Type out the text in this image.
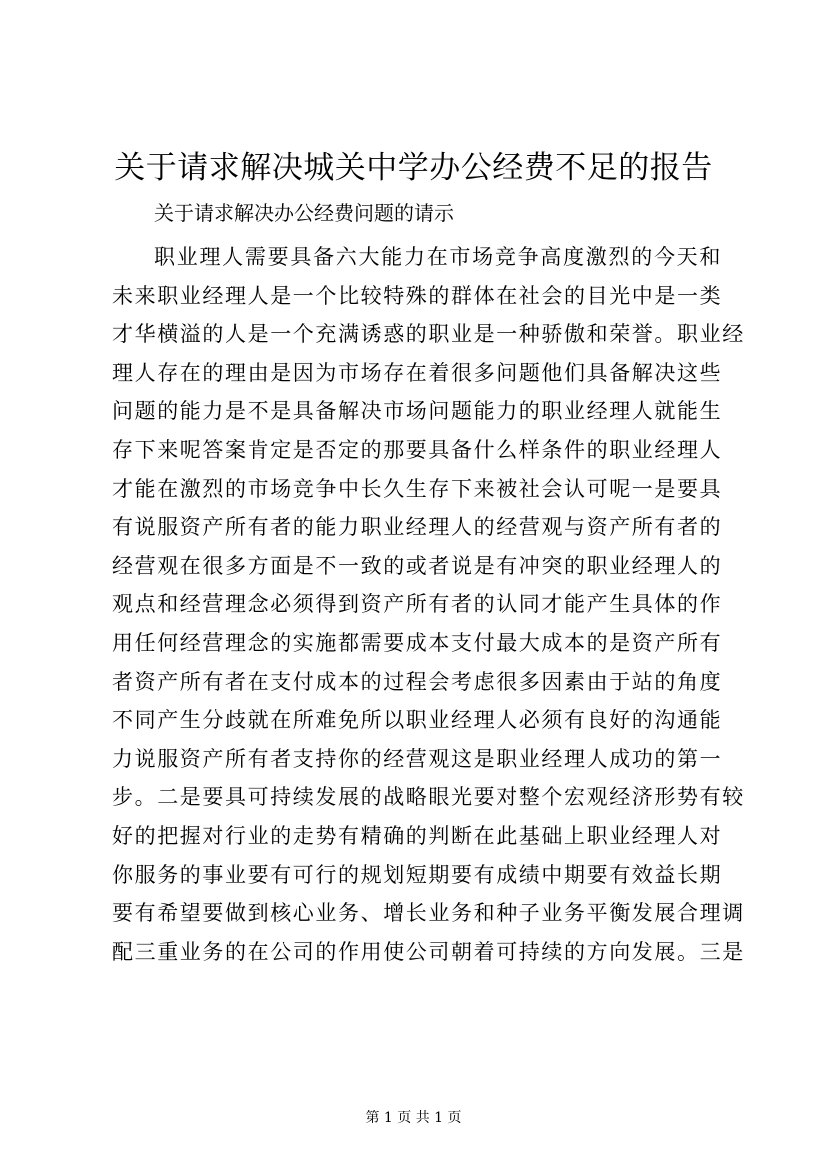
关于请求解决城关中学办公经费不足的报告

关于请求解决办公经费问题的请示

职业理人需要具备六大能力在市场竞争高度激烈的今天和
未来职业经理人是一个比较特殊的群体在社会的目光中是一类
才华横溢的人是一个充满诱惑的职业是一种骄傲和荣誉。职业经
理人存在的理由是因为市场存在着很多问题他们具备解决这些
问题的能力是不是具备解决市场问题能力的职业经理人就能生
存下来呢答案肯定是否定的那要具备什么样条件的职业经理人
才能在激烈的市场竞争中长久生存下来被社会认可呢一是要具
有说服资产所有者的能力职业经理人的经营观与资产所有者的
经营观在很多方面是不一致的或者说是有冲突的职业经理人的
观点和经营理念必须得到资产所有者的认同才能产生具体的作
用任何经营理念的实施都需要成本支付最大成本的是资产所有
者资产所有者在支付成本的过程会考虑很多因素由于站的角度
不同产生分歧就在所难免所以职业经理人必须有良好的沟通能
力说服资产所有者支持你的经营观这是职业经理人成功的第一
步。二是要具可持续发展的战略眼光要对整个宏观经济形势有较
好的把握对行业的走势有精确的判断在此基础上职业经理人对
你服务的事业要有可行的规划短期要有成绩中期要有效益长期
要有希望要做到核心业务、增长业务和种子业务平衡发展合理调
配三重业务的在公司的作用使公司朝着可持续的方向发展。三是
第 1 页 共 1 页
